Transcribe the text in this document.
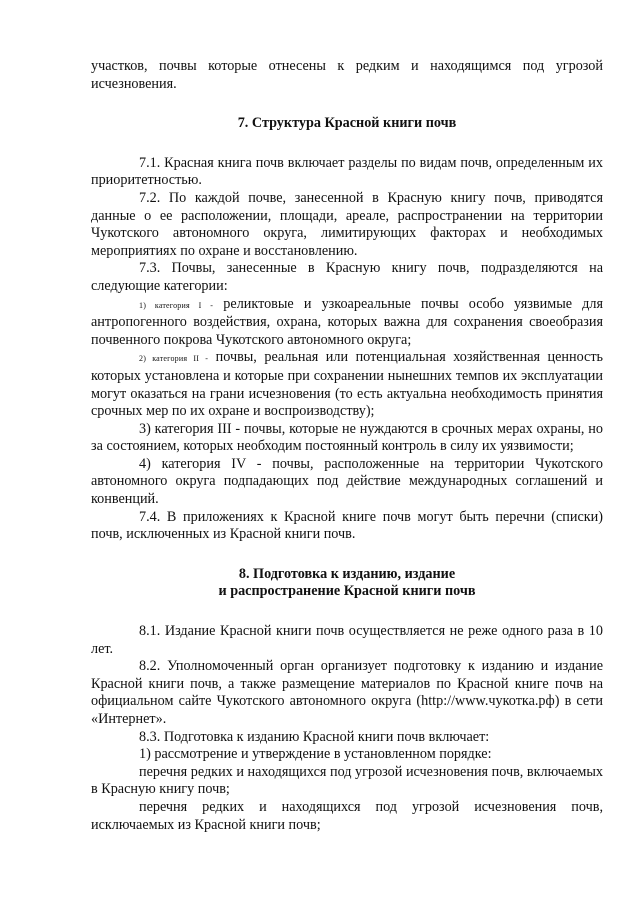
участков, почвы которые отнесены к редким и находящимся под угрозой исчезновения.

7. Структура Красной книги почв

7.1. Красная книга почв включает разделы по видам почв, определенным их приоритетностью.

7.2. По каждой почве, занесенной в Красную книгу почв, приводятся данные о ее расположении, площади, ареале, распространении на территории Чукотского автономного округа, лимитирующих факторах и необходимых мероприятиях по охране и восстановлению.

7.3. Почвы, занесенные в Красную книгу почв, подразделяются на следующие категории:

1) категория I - реликтовые и узкоареальные почвы особо уязвимые для антропогенного воздействия, охрана, которых важна для сохранения своеобразия почвенного покрова Чукотского автономного округа;

2) категория II - почвы, реальная или потенциальная хозяйственная ценность которых установлена и которые при сохранении нынешних темпов их эксплуатации могут оказаться на грани исчезновения (то есть актуальна необходимость принятия срочных мер по их охране и воспроизводству);

3) категория III - почвы, которые не нуждаются в срочных мерах охраны, но за состоянием, которых необходим постоянный контроль в силу их уязвимости;

4) категория IV - почвы, расположенные на территории Чукотского автономного округа подпадающих под действие международных соглашений и конвенций.

7.4. В приложениях к Красной книге почв могут быть перечни (списки) почв, исключенных из Красной книги почв.

8. Подготовка к изданию, издание
и распространение Красной книги почв

8.1. Издание Красной книги почв осуществляется не реже одного раза в 10 лет.

8.2. Уполномоченный орган организует подготовку к изданию и издание Красной книги почв, а также размещение материалов по Красной книге почв на официальном сайте Чукотского автономного округа (http://www.чукотка.рф) в сети «Интернет».

8.3. Подготовка к изданию Красной книги почв включает:

1) рассмотрение и утверждение в установленном порядке:

перечня редких и находящихся под угрозой исчезновения почв, включаемых в Красную книгу почв;

перечня редких и находящихся под угрозой исчезновения почв, исключаемых из Красной книги почв;
